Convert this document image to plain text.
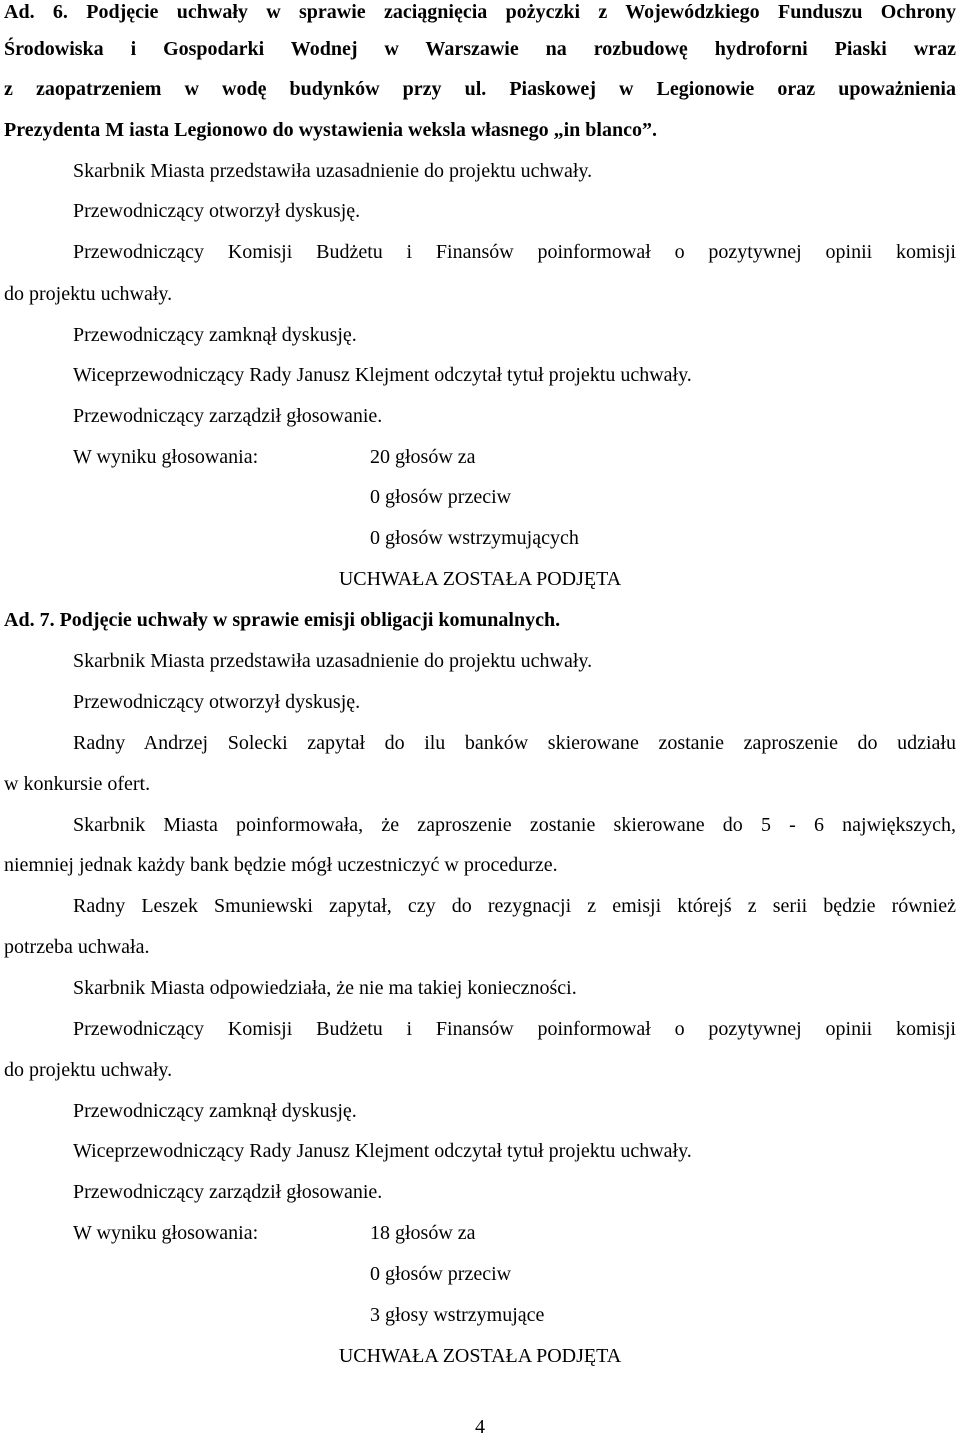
Ad. 6. Podjęcie uchwały w sprawie zaciągnięcia pożyczki z Wojewódzkiego Funduszu Ochrony
Środowiska i Gospodarki Wodnej w Warszawie na rozbudowę hydroforni Piaski wraz
z zaopatrzeniem w wodę budynków przy ul. Piaskowej w Legionowie oraz upoważnienia
Prezydenta M iasta Legionowo do wystawienia weksla własnego „in blanco”.
Skarbnik Miasta przedstawiła uzasadnienie do projektu uchwały.
Przewodniczący otworzył dyskusję.
Przewodniczący Komisji Budżetu i Finansów poinformował o pozytywnej opinii komisji
do projektu uchwały.
Przewodniczący zamknął dyskusję.
Wiceprzewodniczący Rady Janusz Klejment odczytał tytuł projektu uchwały.
Przewodniczący zarządził głosowanie.
W wyniku głosowania:	20 głosów za
0 głosów przeciw
0 głosów wstrzymujących
UCHWAŁA ZOSTAŁA PODJĘTA
Ad. 7. Podjęcie uchwały w sprawie emisji obligacji komunalnych.
Skarbnik Miasta przedstawiła uzasadnienie do projektu uchwały.
Przewodniczący otworzył dyskusję.
Radny Andrzej Solecki zapytał do ilu banków skierowane zostanie zaproszenie do udziału
w konkursie ofert.
Skarbnik Miasta poinformowała, że zaproszenie zostanie skierowane do 5 - 6 największych,
niemniej jednak każdy bank będzie mógł uczestniczyć w procedurze.
Radny Leszek Smuniewski zapytał, czy do rezygnacji z emisji którejś z serii będzie również
potrzeba uchwała.
Skarbnik Miasta odpowiedziała, że nie ma takiej konieczności.
Przewodniczący Komisji Budżetu i Finansów poinformował o pozytywnej opinii komisji
do projektu uchwały.
Przewodniczący zamknął dyskusję.
Wiceprzewodniczący Rady Janusz Klejment odczytał tytuł projektu uchwały.
Przewodniczący zarządził głosowanie.
W wyniku głosowania:	18 głosów za
0 głosów przeciw
3 głosy wstrzymujące
UCHWAŁA ZOSTAŁA PODJĘTA
4
